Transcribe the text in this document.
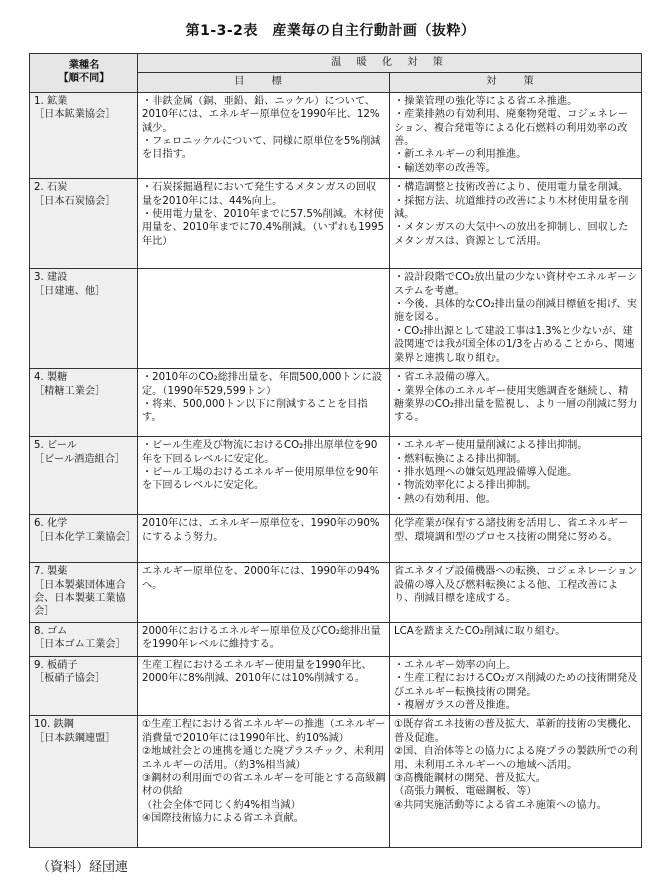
第1-3-2表　産業毎の自主行動計画（抜粋）
業種名
【順不同】	温 暖 化 対 策	
	目 標	対 策

1. 鉱業
［日本鉱業協会］	・非鉄金属（銅、亜鉛、鉛、ニッケル）について、2010年には、エネルギー原単位を1990年比、12%減少。
・フェロニッケルについて、同様に原単位を5%削減を目指す。	・操業管理の強化等による省エネ推進。
・産業排熱の有効利用、廃棄物発電、コジェネレーション、複合発電等による化石燃料の利用効率の改善。
・新エネルギーの利用推進。
・輸送効率の改善等。

2. 石炭
［日本石炭協会］	・石炭採掘過程において発生するメタンガスの回収量を2010年には、44%向上。
・使用電力量を、2010年までに57.5%削減。木材使用量を、2010年までに70.4%削減。（いずれも1995年比）	・構造調整と技術改善により、使用電力量を削減。
・採掘方法、坑道維持の改善により木材使用量を削減。
・メタンガスの大気中への放出を抑制し、回収したメタンガスは、資源として活用。

3. 建設
［日建連、他］		・設計段階でCO₂放出量の少ない資材やエネルギーシステムを考慮。
・今後、具体的なCO₂排出量の削減目標値を掲げ、実施を図る。
・CO₂排出源として建設工事は1.3%と少ないが、建設関連では我が国全体の1/3を占めることから、関連業界と連携し取り組む。

4. 製糖
［精糖工業会］	・2010年のCO₂総排出量を、年間500,000トンに設定。（1990年529,599トン）
・将来、500,000トン以下に削減することを目指す。	・省エネ設備の導入。
・業界全体のエネルギー使用実態調査を継続し、精糖業界のCO₂排出量を監視し、より一層の削減に努力する。

5. ビール
［ビール酒造組合］	・ビール生産及び物流におけるCO₂排出原単位を90年を下回るレベルに安定化。
・ビール工場のおけるエネルギー使用原単位を90年を下回るレベルに安定化。	・エネルギー使用量削減による排出抑制。
・燃料転換による排出抑制。
・排水処理への嫌気処理設備導入促進。
・物流効率化による排出抑制。
・熱の有効利用、他。

6. 化学
［日本化学工業協会］	2010年には、エネルギー原単位を、1990年の90%にするよう努力。	化学産業が保有する諸技術を活用し、省エネルギー型、環境調和型のプロセス技術の開発に努める。

7. 製薬
［日本製薬団体連合会、日本製薬工業協会］	エネルギー原単位を、2000年には、1990年の94%へ。	省エネタイプ設備機器への転換、コジェネレーション設備の導入及び燃料転換による他、工程改善により、削減目標を達成する。

8. ゴム
［日本ゴム工業会］	2000年におけるエネルギー原単位及びCO₂総排出量を1990年レベルに維持する。	LCAを踏まえたCO₂削減に取り組む。

9. 板硝子
［板硝子協会］	生産工程におけるエネルギー使用量を1990年比、2000年に8%削減、2010年には10%削減する。	・エネルギー効率の向上。
・生産工程におけるCO₂ガス削減のための技術開発及びエネルギー転換技術の開発。
・複層ガラスの普及推進。

10. 鉄鋼
［日本鉄鋼連盟］	①生産工程における省エネルギーの推進（エネルギー消費量で2010年には1990年比、約10%減）
②地域社会との連携を通じた廃プラスチック、未利用エネルギーの活用。（約3%相当減）
③鋼材の利用面での省エネルギーを可能とする高級鋼材の供給
（社会全体で同じく約4%相当減）
④国際技術協力による省エネ貢献。	①既存省エネ技術の普及拡大、革新的技術の実機化、普及促進。
②国、自治体等との協力による廃プラの製鉄所での利用、未利用エネルギーへの地域へ活用。
③高機能鋼材の開発、普及拡大。
（高張力鋼板、電磁鋼板、等）
④共同実施活動等による省エネ施策への協力。
（資料）経団連
